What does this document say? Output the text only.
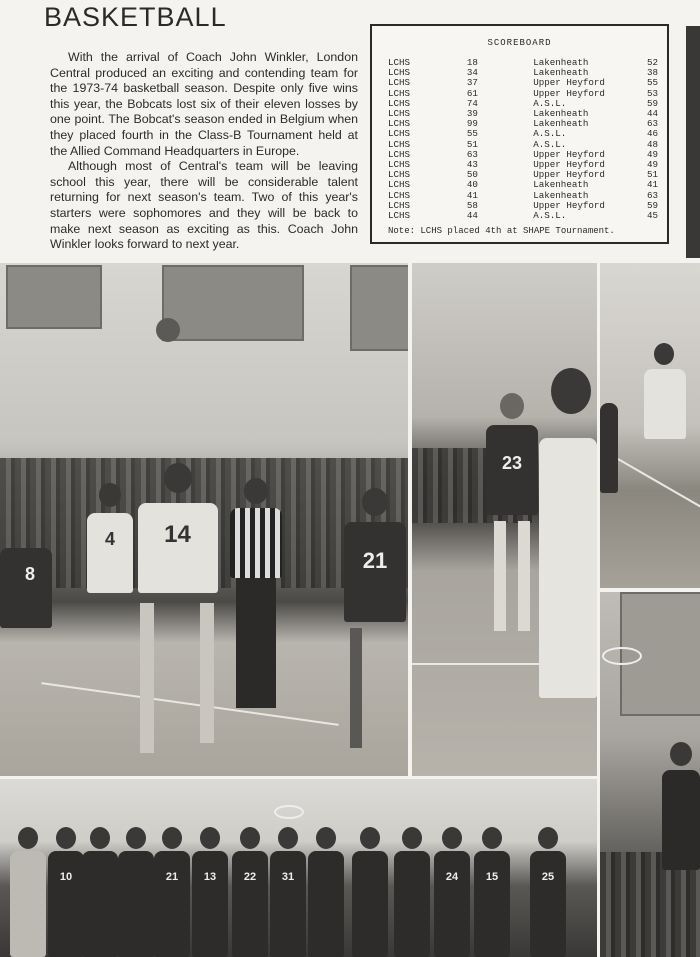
BASKETBALL

With the arrival of Coach John Winkler, London Central produced an exciting and contending team for the 1973-74 basketball season. Despite only five wins this year, the Bobcats lost six of their eleven losses by one point. The Bobcat's season ended in Belgium when they placed fourth in the Class-B Tournament held at the Allied Command Headquarters in Europe.

Although most of Central's team will be leaving school this year, there will be considerable talent returning for next season's team. Two of this year's starters were sophomores and they will be back to make next season as exciting as this. Coach John Winkler looks forward to next year.

SCOREBOARD
LCHS	18	Lakenheath	52
LCHS	34	Lakenheath	38
LCHS	37	Upper Heyford	55
LCHS	61	Upper Heyford	53
LCHS	74	A.S.L.	59
LCHS	39	Lakenheath	44
LCHS	99	Lakenheath	63
LCHS	55	A.S.L.	46
LCHS	51	A.S.L.	48
LCHS	63	Upper Heyford	49
LCHS	43	Upper Heyford	49
LCHS	50	Upper Heyford	51
LCHS	40	Lakenheath	41
LCHS	41	Lakenheath	63
LCHS	58	Upper Heyford	59
LCHS	44	A.S.L.	45
Note: LCHS placed 4th at SHAPE Tournament.
14
21
8
4
23
10	21	13	22	31	24	15	25
